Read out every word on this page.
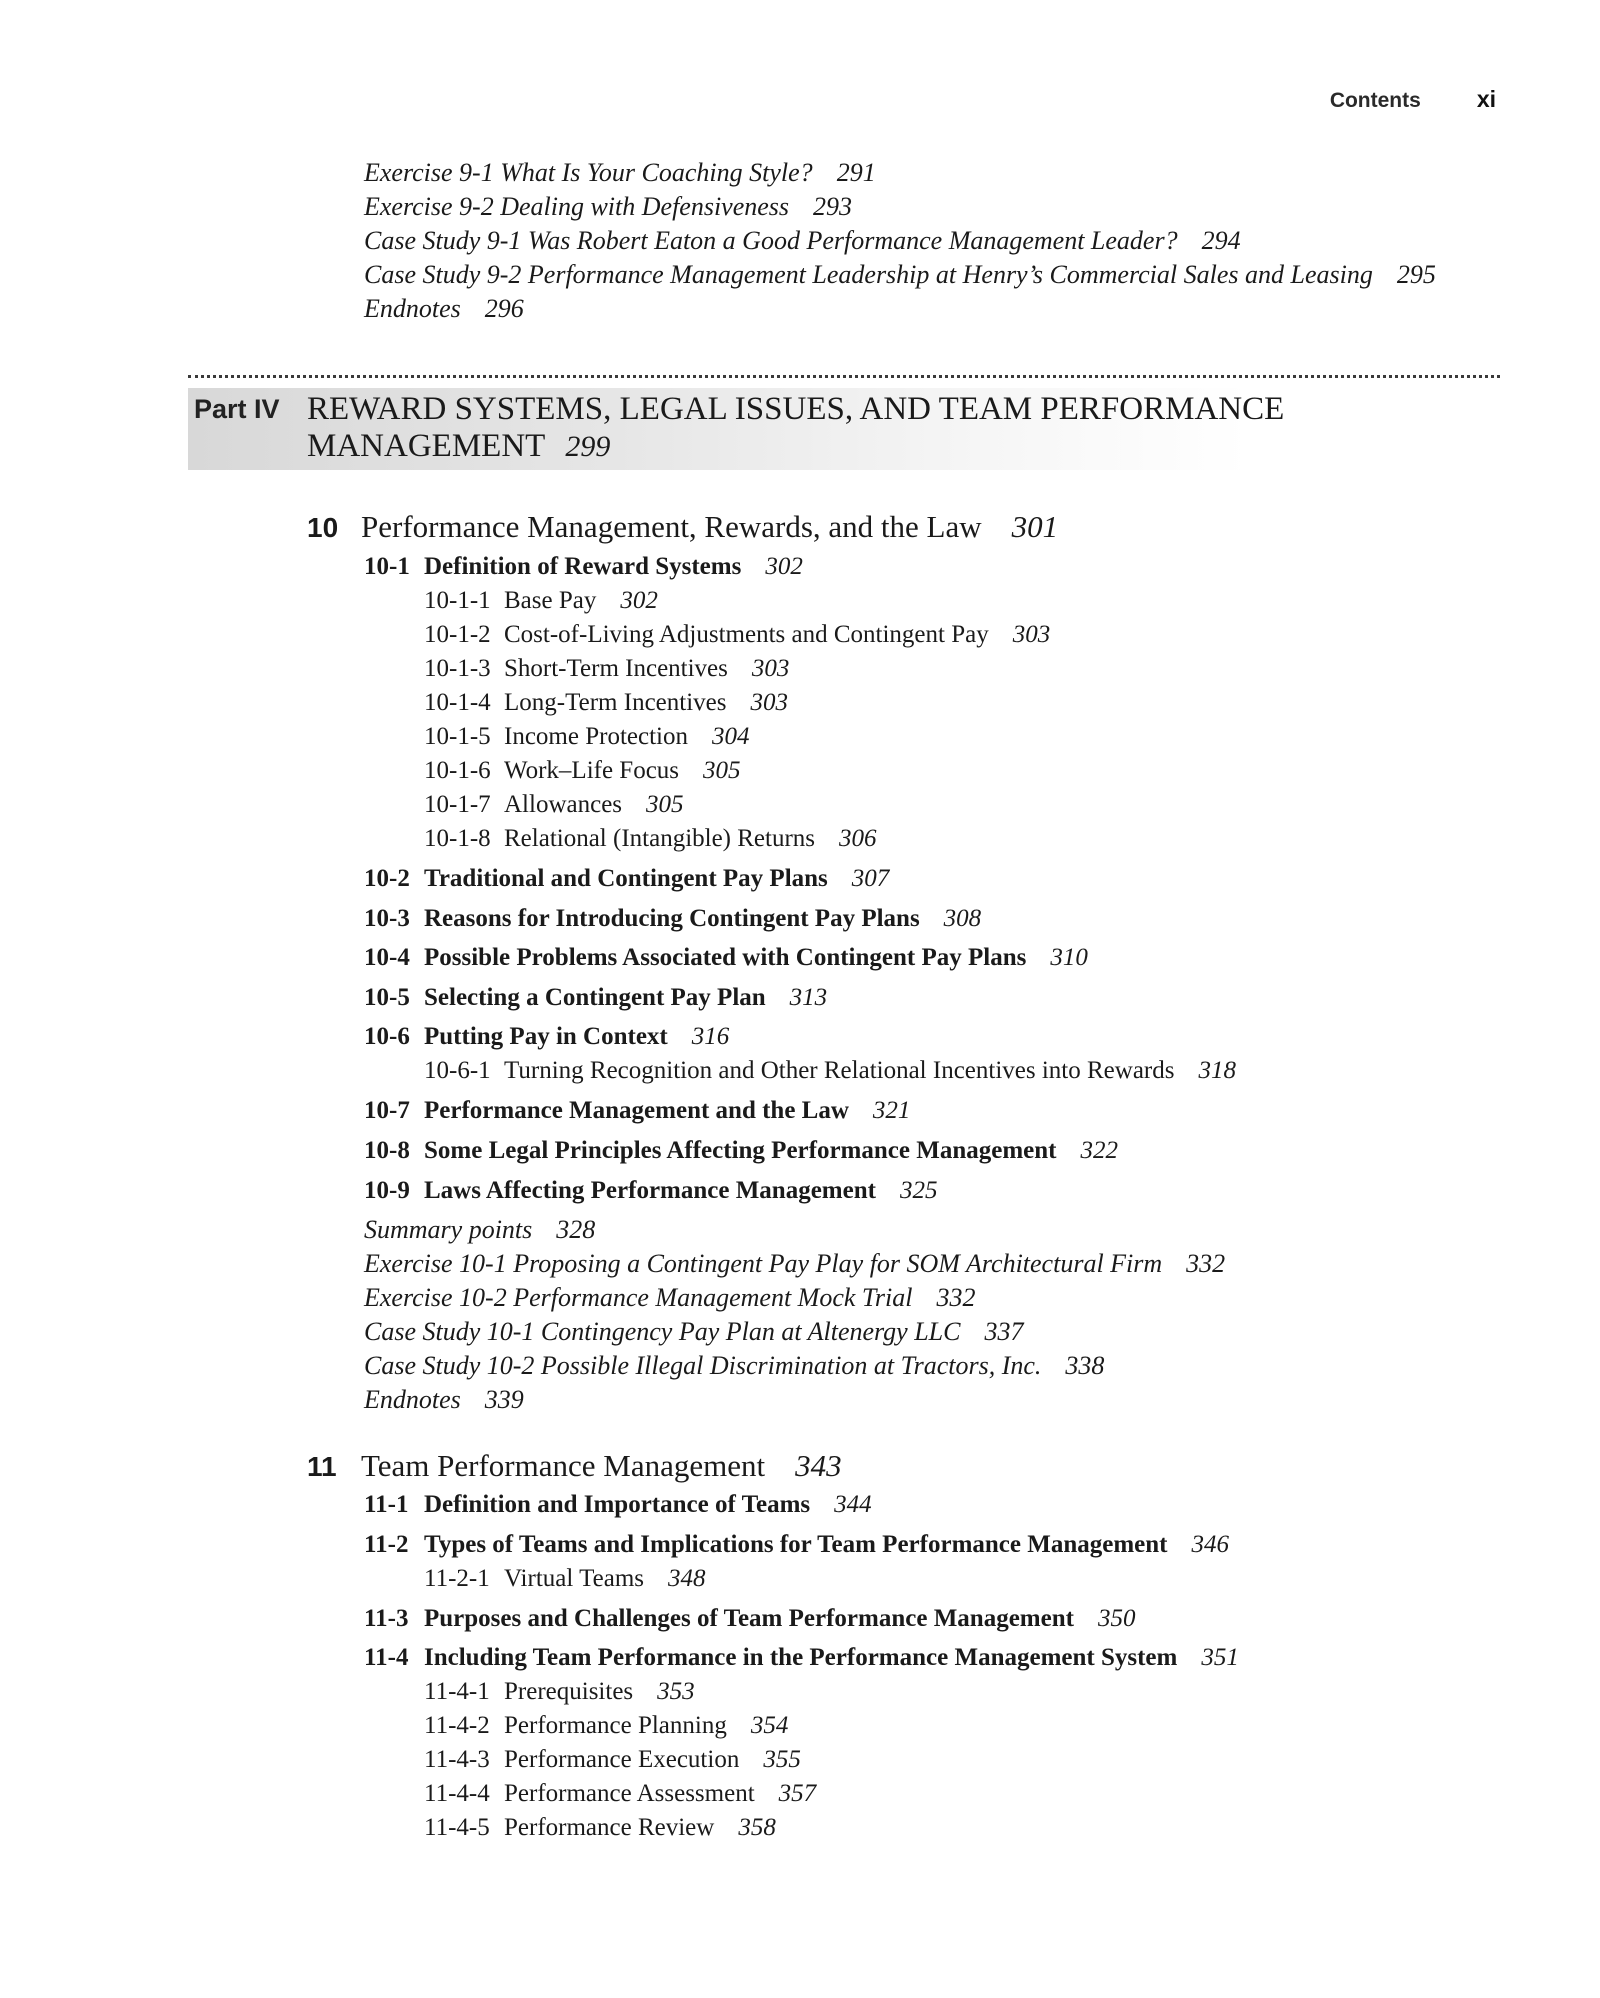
Contents xi
Exercise 9-1 What Is Your Coaching Style? 291
Exercise 9-2 Dealing with Defensiveness 293
Case Study 9-1 Was Robert Eaton a Good Performance Management Leader? 294
Case Study 9-2 Performance Management Leadership at Henry’s Commercial Sales and Leasing 295
Endnotes 296
Part IV REWARD SYSTEMS, LEGAL ISSUES, AND TEAM PERFORMANCE
MANAGEMENT 299
10 Performance Management, Rewards, and the Law 301
10-1 Definition of Reward Systems 302
10-1-1 Base Pay 302
10-1-2 Cost-of-Living Adjustments and Contingent Pay 303
10-1-3 Short-Term Incentives 303
10-1-4 Long-Term Incentives 303
10-1-5 Income Protection 304
10-1-6 Work–Life Focus 305
10-1-7 Allowances 305
10-1-8 Relational (Intangible) Returns 306
10-2 Traditional and Contingent Pay Plans 307
10-3 Reasons for Introducing Contingent Pay Plans 308
10-4 Possible Problems Associated with Contingent Pay Plans 310
10-5 Selecting a Contingent Pay Plan 313
10-6 Putting Pay in Context 316
10-6-1 Turning Recognition and Other Relational Incentives into Rewards 318
10-7 Performance Management and the Law 321
10-8 Some Legal Principles Affecting Performance Management 322
10-9 Laws Affecting Performance Management 325
Summary points 328
Exercise 10-1 Proposing a Contingent Pay Play for SOM Architectural Firm 332
Exercise 10-2 Performance Management Mock Trial 332
Case Study 10-1 Contingency Pay Plan at Altenergy LLC 337
Case Study 10-2 Possible Illegal Discrimination at Tractors, Inc. 338
Endnotes 339
11 Team Performance Management 343
11-1 Definition and Importance of Teams 344
11-2 Types of Teams and Implications for Team Performance Management 346
11-2-1 Virtual Teams 348
11-3 Purposes and Challenges of Team Performance Management 350
11-4 Including Team Performance in the Performance Management System 351
11-4-1 Prerequisites 353
11-4-2 Performance Planning 354
11-4-3 Performance Execution 355
11-4-4 Performance Assessment 357
11-4-5 Performance Review 358
